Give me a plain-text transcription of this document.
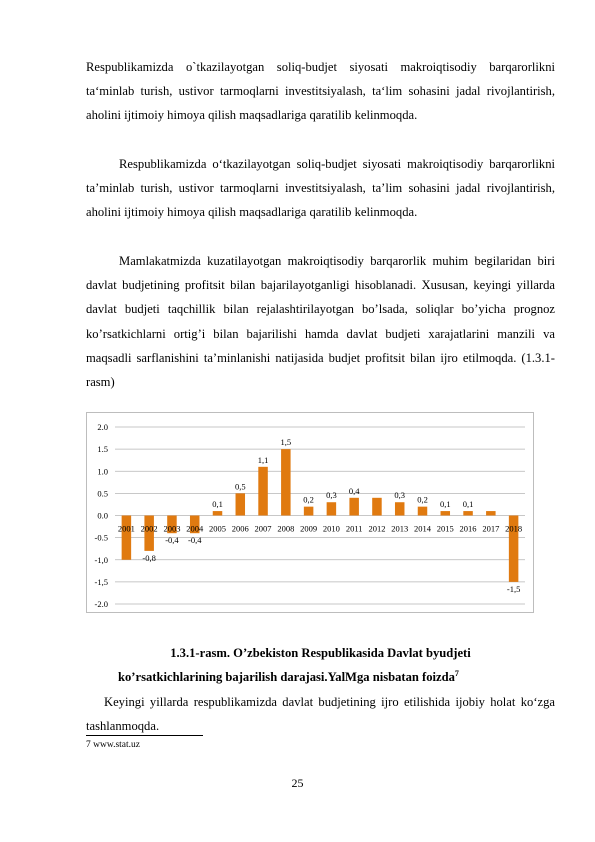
Respublikamizda o`tkazilayotgan soliq-budjet siyosati makroiqtisodiy barqarorlikni ta‘minlab turish, ustivor tarmoqlarni investitsiyalash, ta‘lim sohasini jadal rivojlantirish, aholini ijtimoiy himoya qilish maqsadlariga qaratilib kelinmoqda.

Respublikamizda o‘tkazilayotgan soliq-budjet siyosati makroiqtisodiy barqarorlikni ta’minlab turish, ustivor tarmoqlarni investitsiyalash, ta’lim sohasini jadal rivojlantirish, aholini ijtimoiy himoya qilish maqsadlariga qaratilib kelinmoqda.

Mamlakatmizda kuzatilayotgan makroiqtisodiy barqarorlik muhim begilaridan biri davlat budjetining profitsit bilan bajarilayotganligi hisoblanadi. Xususan, keyingi yillarda davlat budjeti taqchillik bilan rejalashtirilayotgan bo’lsada, soliqlar bo’yicha prognoz ko’rsatkichlarni ortig’i bilan bajarilishi hamda davlat budjeti xarajatlarini manzili va maqsadli sarflanishini ta’minlanishi natijasida budjet profitsit bilan ijro etilmoqda. (1.3.1-rasm)

2.0
1.5
1.0
0.5
0.0
-0.5
-1,0
-1,5
-2.0
-0,8
-0,4 -0,4
0,1
0,5
1,1
1,5
0,2 0,3 0,4	0,3 0,2 0,1 0,1
-1,5
2001 2002 2003 2004 2005 2006 2007 2008 2009 2010 2011 2012 2013 2014 2015 2016 2017 2018

1.3.1-rasm. O’zbekiston Respublikasida Davlat byudjeti

ko’rsatkichlarining bajarilish darajasi.YalMga nisbatan foizda$^7$

Keyingi yillarda respublikamizda davlat budjetining ijro etilishida ijobiy holat ko‘zga tashlanmoqda.

7 www.stat.uz
25
